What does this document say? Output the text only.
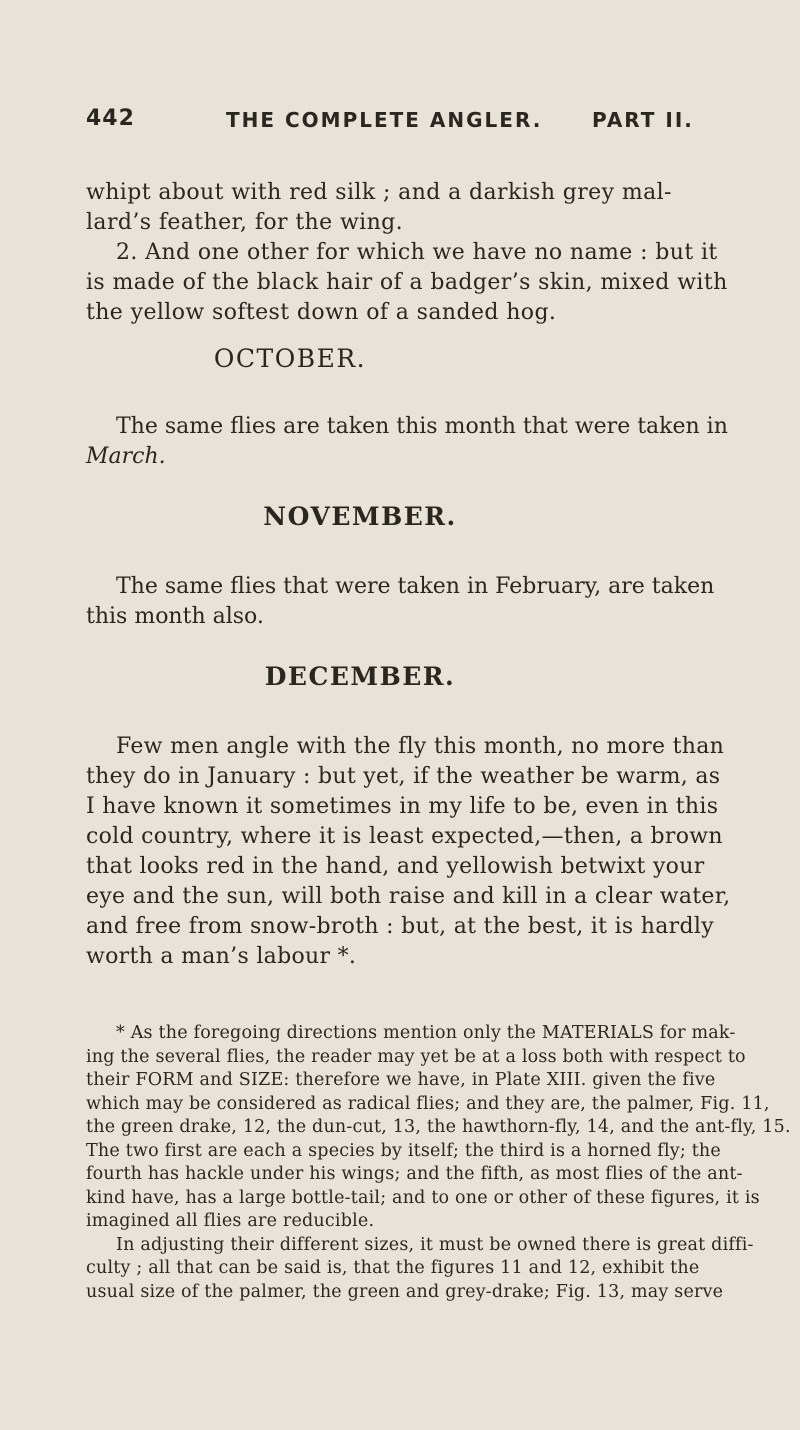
442	THE COMPLETE ANGLER. PART II.
whipt about with red silk ; and a darkish grey mal-
lard’s feather, for the wing.
2. And one other for which we have no name : but it
is made of the black hair of a badger’s skin, mixed with
the yellow softest down of a sanded hog.
OCTOBER.
The same flies are taken this month that were taken in
March.
NOVEMBER.
The same flies that were taken in February, are taken
this month also.
DECEMBER.
Few men angle with the fly this month, no more than
they do in January : but yet, if the weather be warm, as
I have known it sometimes in my life to be, even in this
cold country, where it is least expected,—then, a brown
that looks red in the hand, and yellowish betwixt your
eye and the sun, will both raise and kill in a clear water,
and free from snow-broth : but, at the best, it is hardly
worth a man’s labour *.
* As the foregoing directions mention only the MATERIALS for mak-
ing the several flies, the reader may yet be at a loss both with respect to
their FORM and SIZE: therefore we have, in Plate XIII. given the five
which may be considered as radical flies; and they are, the palmer, Fig. 11,
the green drake, 12, the dun-cut, 13, the hawthorn-fly, 14, and the ant-fly, 15.
The two first are each a species by itself; the third is a horned fly; the
fourth has hackle under his wings; and the fifth, as most flies of the ant-
kind have, has a large bottle-tail; and to one or other of these figures, it is
imagined all flies are reducible.
In adjusting their different sizes, it must be owned there is great diffi-
culty ; all that can be said is, that the figures 11 and 12, exhibit the
usual size of the palmer, the green and grey-drake; Fig. 13, may serve
